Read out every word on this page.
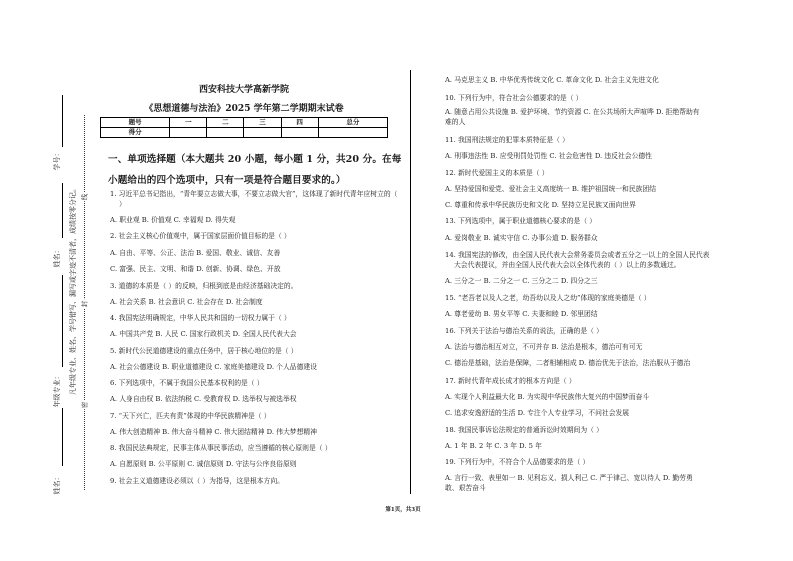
学号：
姓名：
年级专业：
姓名：
凡年级专业、姓名、学号错写、漏写或字迹不清者，成绩按零分记。
密
封
线
西安科技大学高新学院
《思想道德与法治》2025 学年第二学期期末试卷
题号	一	二	三	四	总分
得分					
一、单项选择题（本大题共 20 小题，每小题 1 分，共20 分。在每
小题给出的四个选项中，只有一项是符合题目要求的。）
1. 习近平总书记指出，“青年要立志做大事，不要立志做大官”，这体现了新时代青年应树立的（ ）
A. 职业观 B. 价值观 C. 幸福观 D. 得失观
2. 社会主义核心价值观中，属于国家层面价值目标的是（ ）
A. 自由、平等、公正、法治 B. 爱国、敬业、诚信、友善
C. 富强、民主、文明、和谐 D. 创新、协调、绿色、开放
3. 道德的本质是（ ）的反映，归根到底是由经济基础决定的。
A. 社会关系 B. 社会意识 C. 社会存在 D. 社会制度
4. 我国宪法明确规定，中华人民共和国的一切权力属于（ ）
A. 中国共产党 B. 人民 C. 国家行政机关 D. 全国人民代表大会
5. 新时代公民道德建设的重点任务中，居于核心地位的是（ ）
A. 社会公德建设 B. 职业道德建设 C. 家庭美德建设 D. 个人品德建设
6. 下列选项中，不属于我国公民基本权利的是（ ）
A. 人身自由权 B. 依法纳税 C. 受教育权 D. 选举权与被选举权
7. “天下兴亡，匹夫有责”体现的中华民族精神是（ ）
A. 伟大创造精神 B. 伟大奋斗精神 C. 伟大团结精神 D. 伟大梦想精神
8. 我国民法典规定，民事主体从事民事活动，应当遵循的核心原则是（ ）
A. 自愿原则 B. 公平原则 C. 诚信原则 D. 守法与公序良俗原则
9. 社会主义道德建设必须以（ ）为指导，这是根本方向。
A. 马克思主义 B. 中华优秀传统文化 C. 革命文化 D. 社会主义先进文化
10. 下列行为中，符合社会公德要求的是（ ）
A. 随意占用公共设施 B. 爱护环境、节约资源 C. 在公共场所大声喧哗 D. 拒绝帮助有难的人
11. 我国刑法规定的犯罪本质特征是（ ）
A. 刑事违法性 B. 应受刑罚处罚性 C. 社会危害性 D. 违反社会公德性
12. 新时代爱国主义的本质是（ ）
A. 坚持爱国和爱党、爱社会主义高度统一 B. 维护祖国统一和民族团结
C. 尊重和传承中华民族历史和文化 D. 坚持立足民族又面向世界
13. 下列选项中，属于职业道德核心要求的是（ ）
A. 爱岗敬业 B. 诚实守信 C. 办事公道 D. 服务群众
14. 我国宪法的修改，由全国人民代表大会常务委员会或者五分之一以上的全国人民代表大会代表提议，并由全国人民代表大会以全体代表的（ ）以上的多数通过。
A. 三分之一 B. 二分之一 C. 三分之二 D. 四分之三
15. “老吾老以及人之老，幼吾幼以及人之幼”体现的家庭美德是（ ）
A. 尊老爱幼 B. 男女平等 C. 夫妻和睦 D. 邻里团结
16. 下列关于法治与德治关系的说法，正确的是（ ）
A. 法治与德治相互对立，不可并存 B. 法治是根本，德治可有可无
C. 德治是基础，法治是保障，二者相辅相成 D. 德治优先于法治，法治服从于德治
17. 新时代青年成长成才的根本方向是（ ）
A. 实现个人利益最大化 B. 为实现中华民族伟大复兴的中国梦而奋斗
C. 追求安逸舒适的生活 D. 专注个人专业学习，不问社会发展
18. 我国民事诉讼法规定的普通诉讼时效期间为（ ）
A. 1 年 B. 2 年 C. 3 年 D. 5 年
19. 下列行为中，不符合个人品德要求的是（ ）
A. 言行一致、表里如一 B. 见利忘义、损人利己 C. 严于律己、宽以待人 D. 勤劳勇敢、艰苦奋斗
第1页，共3页
